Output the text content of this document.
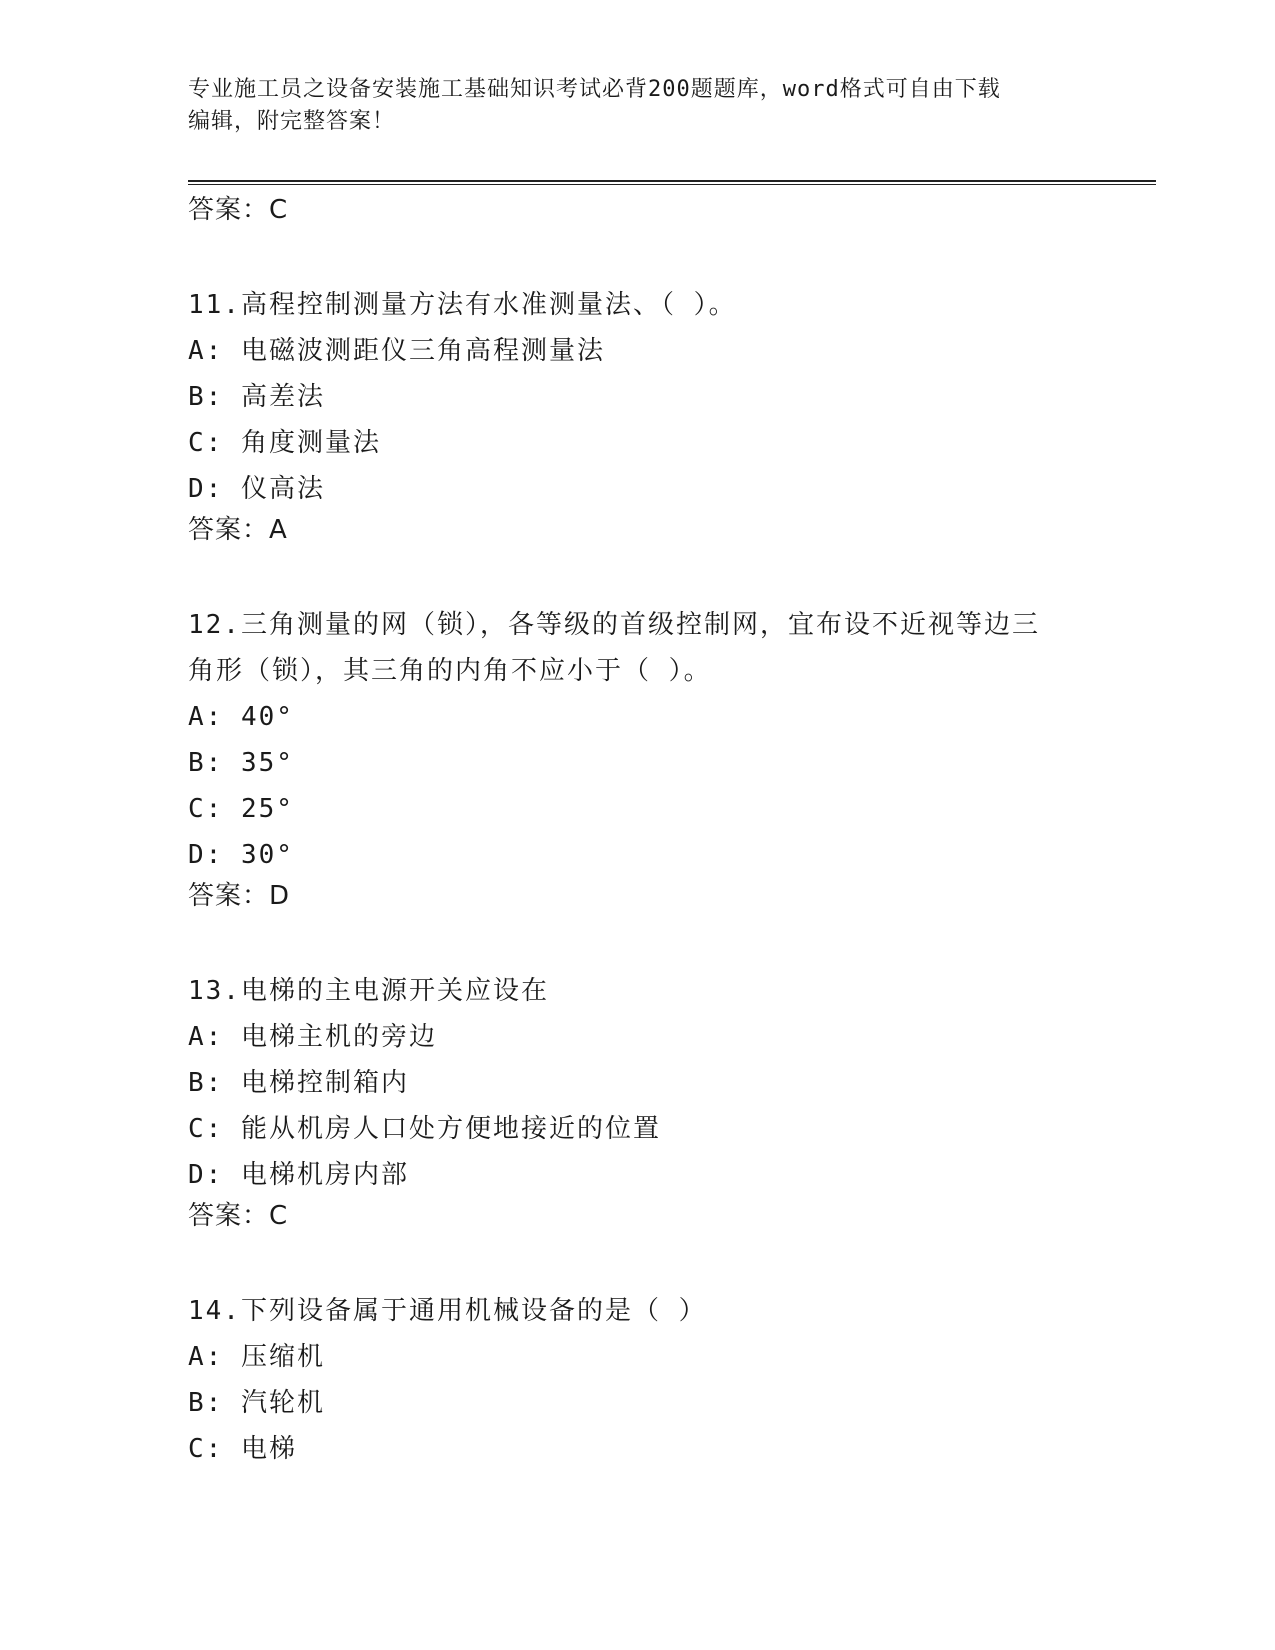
专业施工员之设备安装施工基础知识考试必背200题题库，word格式可自由下载
编辑，附完整答案！
答案：C
11.高程控制测量方法有水准测量法、（ ）。
A: 电磁波测距仪三角高程测量法
B: 高差法
C: 角度测量法
D: 仪高法
答案：A
12.三角测量的网（锁），各等级的首级控制网，宜布设不近视等边三
角形（锁），其三角的内角不应小于（ ）。
A: 40°
B: 35°
C: 25°
D: 30°
答案：D
13.电梯的主电源开关应设在
A: 电梯主机的旁边
B: 电梯控制箱内
C: 能从机房人口处方便地接近的位置
D: 电梯机房内部
答案：C
14.下列设备属于通用机械设备的是（ ）
A: 压缩机
B: 汽轮机
C: 电梯
